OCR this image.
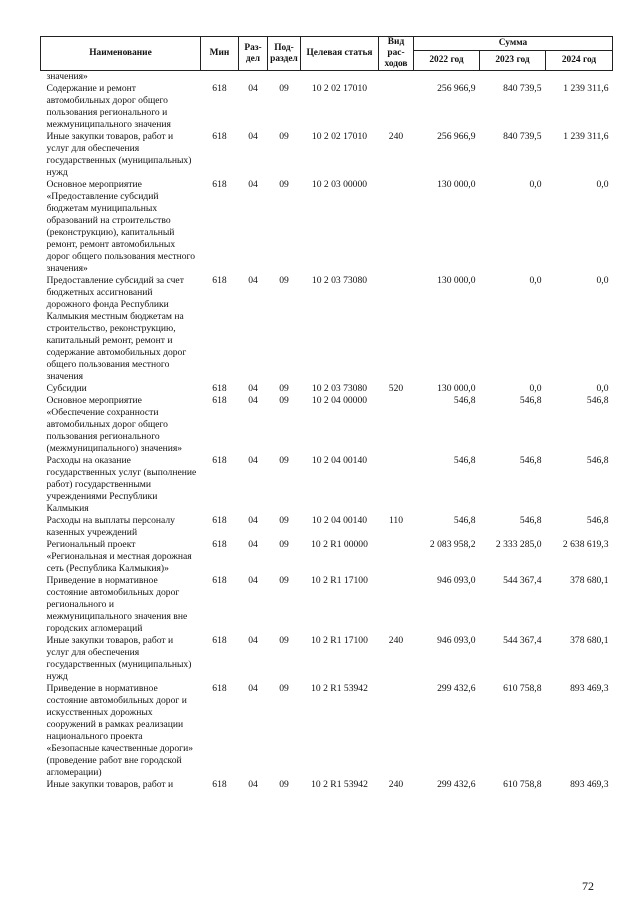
Наименование	Мин	Раз-дел	Под-раздел	Целевая статья	Вид рас-ходов	Сумма		
						2022 год	2023 год	2024 год
значения»								
Содержание и ремонт автомобильных дорог общего пользования регионального и межмуниципального значения	618	04	09	10 2 02 17010		256 966,9	840 739,5	1 239 311,6
Иные закупки товаров, работ и услуг для обеспечения государственных (муниципальных) нужд	618	04	09	10 2 02 17010	240	256 966,9	840 739,5	1 239 311,6
Основное мероприятие «Предоставление субсидий бюджетам муниципальных образований на строительство (реконструкцию), капитальный ремонт, ремонт автомобильных дорог общего пользования местного значения»	618	04	09	10 2 03 00000		130 000,0	0,0	0,0
Предоставление субсидий за счет бюджетных ассигнований дорожного фонда Республики Калмыкия местным бюджетам на строительство, реконструкцию, капитальный ремонт, ремонт и содержание автомобильных дорог общего пользования местного значения	618	04	09	10 2 03 73080		130 000,0	0,0	0,0
Субсидии	618	04	09	10 2 03 73080	520	130 000,0	0,0	0,0
Основное мероприятие «Обеспечение сохранности автомобильных дорог общего пользования регионального (межмуниципального) значения»	618	04	09	10 2 04 00000		546,8	546,8	546,8
Расходы на оказание государственных услуг (выполнение работ) государственными учреждениями Республики Калмыкия	618	04	09	10 2 04 00140		546,8	546,8	546,8
Расходы на выплаты персоналу казенных учреждений	618	04	09	10 2 04 00140	110	546,8	546,8	546,8
Региональный проект «Региональная и местная дорожная сеть (Республика Калмыкия)»	618	04	09	10 2 R1 00000		2 083 958,2	2 333 285,0	2 638 619,3
Приведение в нормативное состояние автомобильных дорог регионального и межмуниципального значения вне городских агломераций	618	04	09	10 2 R1 17100		946 093,0	544 367,4	378 680,1
Иные закупки товаров, работ и услуг для обеспечения государственных (муниципальных) нужд	618	04	09	10 2 R1 17100	240	946 093,0	544 367,4	378 680,1
Приведение в нормативное состояние автомобильных дорог и искусственных дорожных сооружений в рамках реализации национального проекта «Безопасные качественные дороги» (проведение работ вне городской агломерации)	618	04	09	10 2 R1 53942		299 432,6	610 758,8	893 469,3
Иные закупки товаров, работ и	618	04	09	10 2 R1 53942	240	299 432,6	610 758,8	893 469,3
72
